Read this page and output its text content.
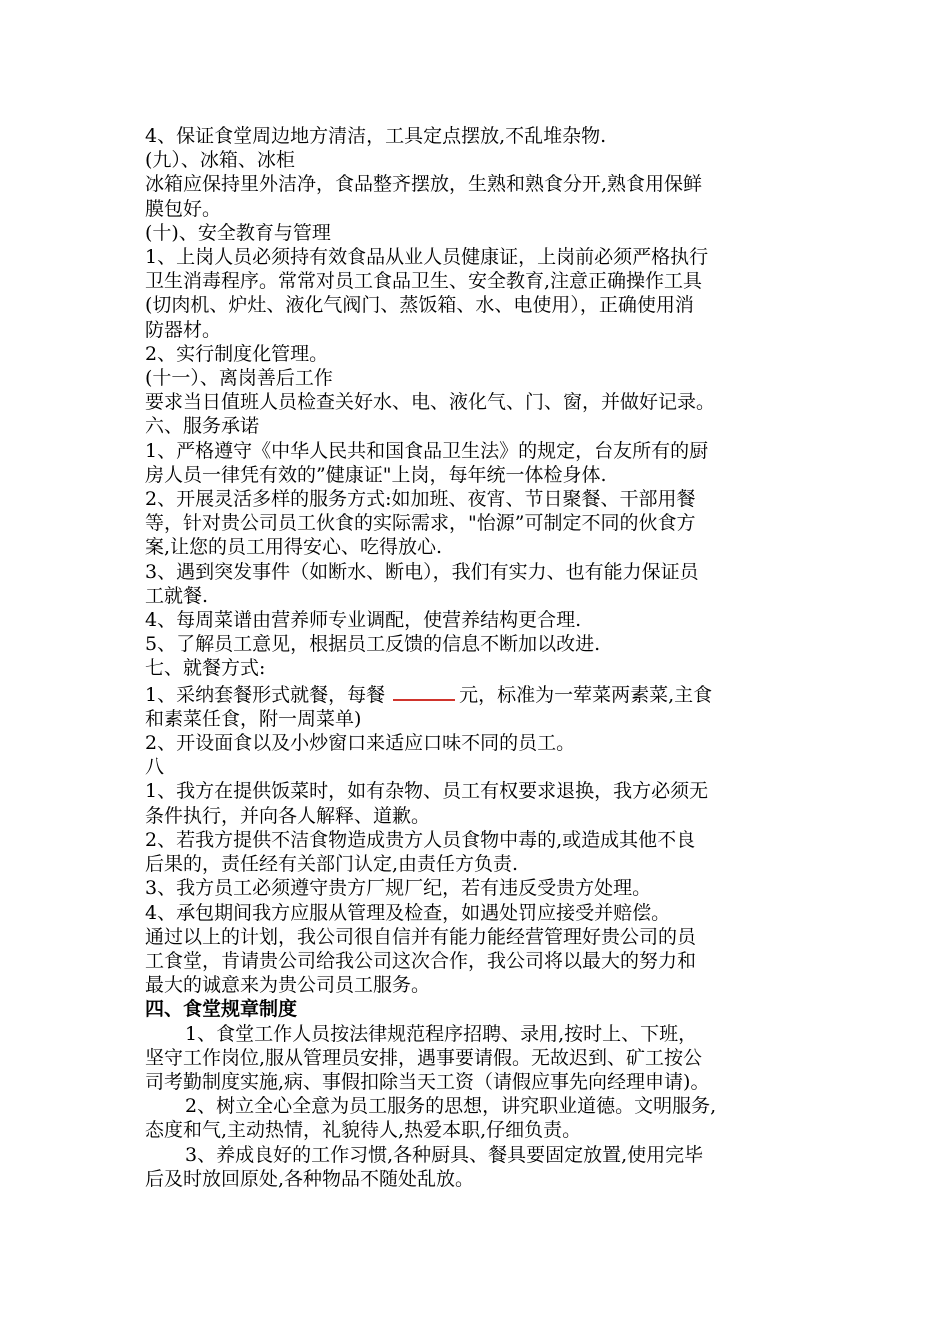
4、保证食堂周边地方清洁，工具定点摆放,不乱堆杂物.

(九）、冰箱、冰柜

冰箱应保持里外洁净，食品整齐摆放，生熟和熟食分开,熟食用保鲜

膜包好。

(十)、安全教育与管理

1、上岗人员必须持有效食品从业人员健康证，上岗前必须严格执行

卫生消毒程序。常常对员工食品卫生、安全教育,注意正确操作工具

(切肉机、炉灶、液化气阀门、蒸饭箱、水、电使用），正确使用消

防器材。

2、实行制度化管理。

(十一）、离岗善后工作

要求当日值班人员检查关好水、电、液化气、门、窗，并做好记录。

六、服务承诺

1、严格遵守《中华人民共和国食品卫生法》的规定，台友所有的厨

房人员一律凭有效的”健康证"上岗，每年统一体检身体.

2、开展灵活多样的服务方式:如加班、夜宵、节日聚餐、干部用餐

等，针对贵公司员工伙食的实际需求，"怡源”可制定不同的伙食方

案,让您的员工用得安心、吃得放心.

3、遇到突发事件（如断水、断电），我们有实力、也有能力保证员

工就餐.

4、每周菜谱由营养师专业调配，使营养结构更合理.

5、了解员工意见，根据员工反馈的信息不断加以改进.

七、就餐方式:

1、采纳套餐形式就餐，每餐	元，标准为一荤菜两素菜,主食

和素菜任食，附一周菜单)

2、开设面食以及小炒窗口来适应口味不同的员工。

八

1、我方在提供饭菜时，如有杂物、员工有权要求退换，我方必须无

条件执行，并向各人解释、道歉。

2、若我方提供不洁食物造成贵方人员食物中毒的,或造成其他不良

后果的，责任经有关部门认定,由责任方负责.

3、我方员工必须遵守贵方厂规厂纪，若有违反受贵方处理。

4、承包期间我方应服从管理及检查，如遇处罚应接受并赔偿。

通过以上的计划，我公司很自信并有能力能经营管理好贵公司的员

工食堂，肯请贵公司给我公司这次合作，我公司将以最大的努力和

最大的诚意来为贵公司员工服务。

四、食堂规章制度

1、食堂工作人员按法律规范程序招聘、录用,按时上、下班，

坚守工作岗位,服从管理员安排，遇事要请假。无故迟到、矿工按公

司考勤制度实施,病、事假扣除当天工资（请假应事先向经理申请)。

2、树立全心全意为员工服务的思想，讲究职业道德。文明服务,

态度和气,主动热情，礼貌待人,热爱本职,仔细负责。

3、养成良好的工作习惯,各种厨具、餐具要固定放置,使用完毕

后及时放回原处,各种物品不随处乱放。
